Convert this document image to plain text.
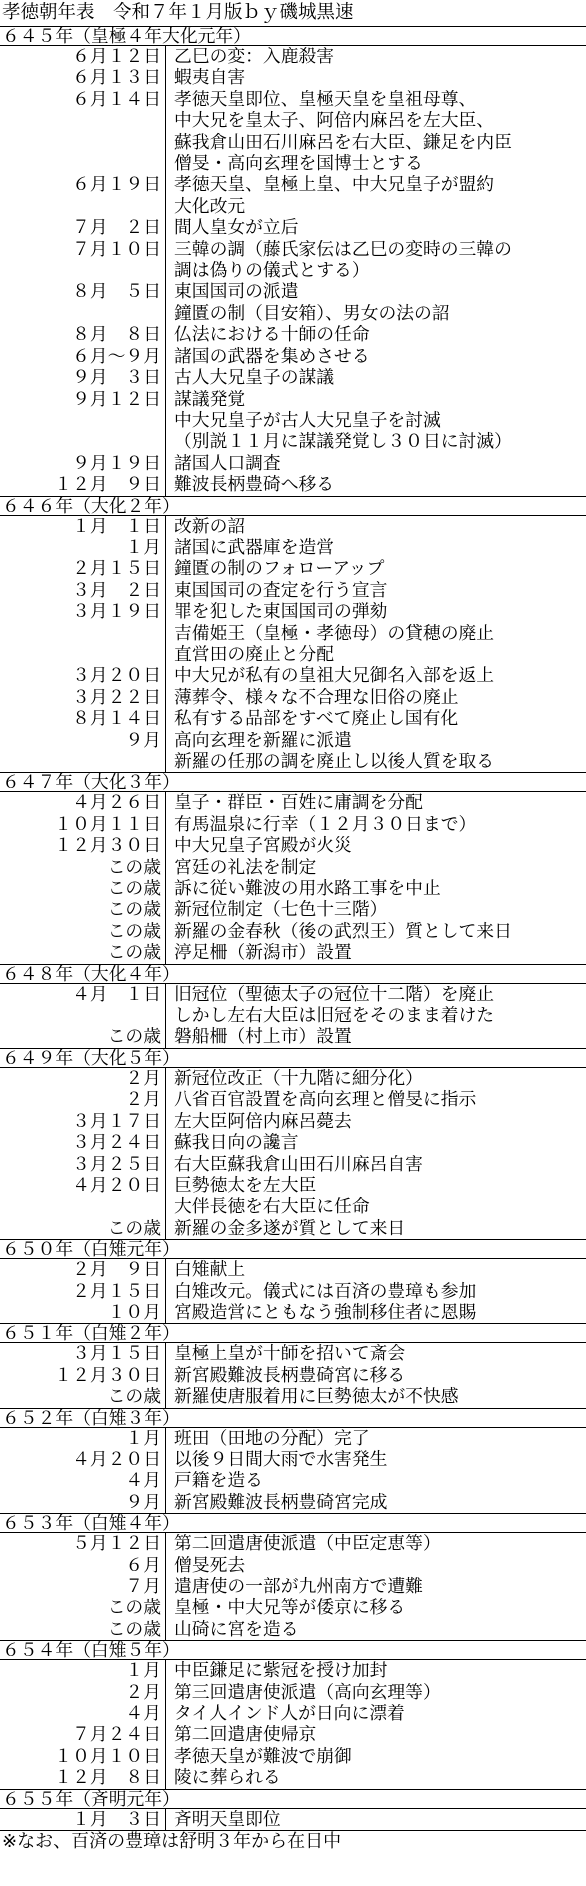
孝徳朝年表　令和７年１月版ｂｙ磯城黒速
６４５年（皇極４年大化元年）
６月１２日 乙巳の変：入鹿殺害
６月１３日 蝦夷自害
６月１４日 孝徳天皇即位、皇極天皇を皇祖母尊、
中大兄を皇太子、阿倍内麻呂を左大臣、
蘇我倉山田石川麻呂を右大臣、鎌足を内臣
僧旻・高向玄理を国博士とする
６月１９日 孝徳天皇、皇極上皇、中大兄皇子が盟約
大化改元
７月　２日 間人皇女が立后
７月１０日 三韓の調（藤氏家伝は乙巳の変時の三韓の
調は偽りの儀式とする）
８月　５日 東国国司の派遣
鐘匱の制（目安箱）、男女の法の詔
８月　８日 仏法における十師の任命
６月～９月 諸国の武器を集めさせる
９月　３日 古人大兄皇子の謀議
９月１２日 謀議発覚
中大兄皇子が古人大兄皇子を討滅
（別説１１月に謀議発覚し３０日に討滅）
９月１９日 諸国人口調査
１２月　９日 難波長柄豊碕へ移る
６４６年（大化２年）
１月　１日 改新の詔
１月 諸国に武器庫を造営
２月１５日 鐘匱の制のフォローアップ
３月　２日 東国国司の査定を行う宣言
３月１９日 罪を犯した東国国司の弾劾
吉備姫王（皇極・孝徳母）の貸穂の廃止
直営田の廃止と分配
３月２０日 中大兄が私有の皇祖大兄御名入部を返上
３月２２日 薄葬令、様々な不合理な旧俗の廃止
８月１４日 私有する品部をすべて廃止し国有化
９月 高向玄理を新羅に派遣
新羅の任那の調を廃止し以後人質を取る
６４７年（大化３年）
４月２６日 皇子・群臣・百姓に庸調を分配
１０月１１日 有馬温泉に行幸（１２月３０日まで）
１２月３０日 中大兄皇子宮殿が火災
この歳 宮廷の礼法を制定
この歳 訴に従い難波の用水路工事を中止
この歳 新冠位制定（七色十三階）
この歳 新羅の金春秋（後の武烈王）質として来日
この歳 渟足柵（新潟市）設置
６４８年（大化４年）
４月　１日 旧冠位（聖徳太子の冠位十二階）を廃止
しかし左右大臣は旧冠をそのまま着けた
この歳 磐船柵（村上市）設置
６４９年（大化５年）
２月 新冠位改正（十九階に細分化）
２月 八省百官設置を高向玄理と僧旻に指示
３月１７日 左大臣阿倍内麻呂薨去
３月２４日 蘇我日向の讒言
３月２５日 右大臣蘇我倉山田石川麻呂自害
４月２０日 巨勢徳太を左大臣
大伴長徳を右大臣に任命
この歳 新羅の金多遂が質として来日
６５０年（白雉元年）
２月　９日 白雉献上
２月１５日 白雉改元。儀式には百済の豊璋も参加
１０月 宮殿造営にともなう強制移住者に恩賜
６５１年（白雉２年）
３月１５日 皇極上皇が十師を招いて斎会
１２月３０日 新宮殿難波長柄豊碕宮に移る
この歳 新羅使唐服着用に巨勢徳太が不快感
６５２年（白雉３年）
１月 班田（田地の分配）完了
４月２０日 以後９日間大雨で水害発生
４月 戸籍を造る
９月 新宮殿難波長柄豊碕宮完成
６５３年（白雉４年）
５月１２日 第二回遣唐使派遣（中臣定恵等）
６月 僧旻死去
７月 遣唐使の一部が九州南方で遭難
この歳 皇極・中大兄等が倭京に移る
この歳 山碕に宮を造る
６５４年（白雉５年）
１月 中臣鎌足に紫冠を授け加封
２月 第三回遣唐使派遣（高向玄理等）
４月 タイ人インド人が日向に漂着
７月２４日 第二回遣唐使帰京
１０月１０日 孝徳天皇が難波で崩御
１２月　８日 陵に葬られる
６５５年（斉明元年）
１月　３日 斉明天皇即位
※なお、百済の豊璋は舒明３年から在日中
